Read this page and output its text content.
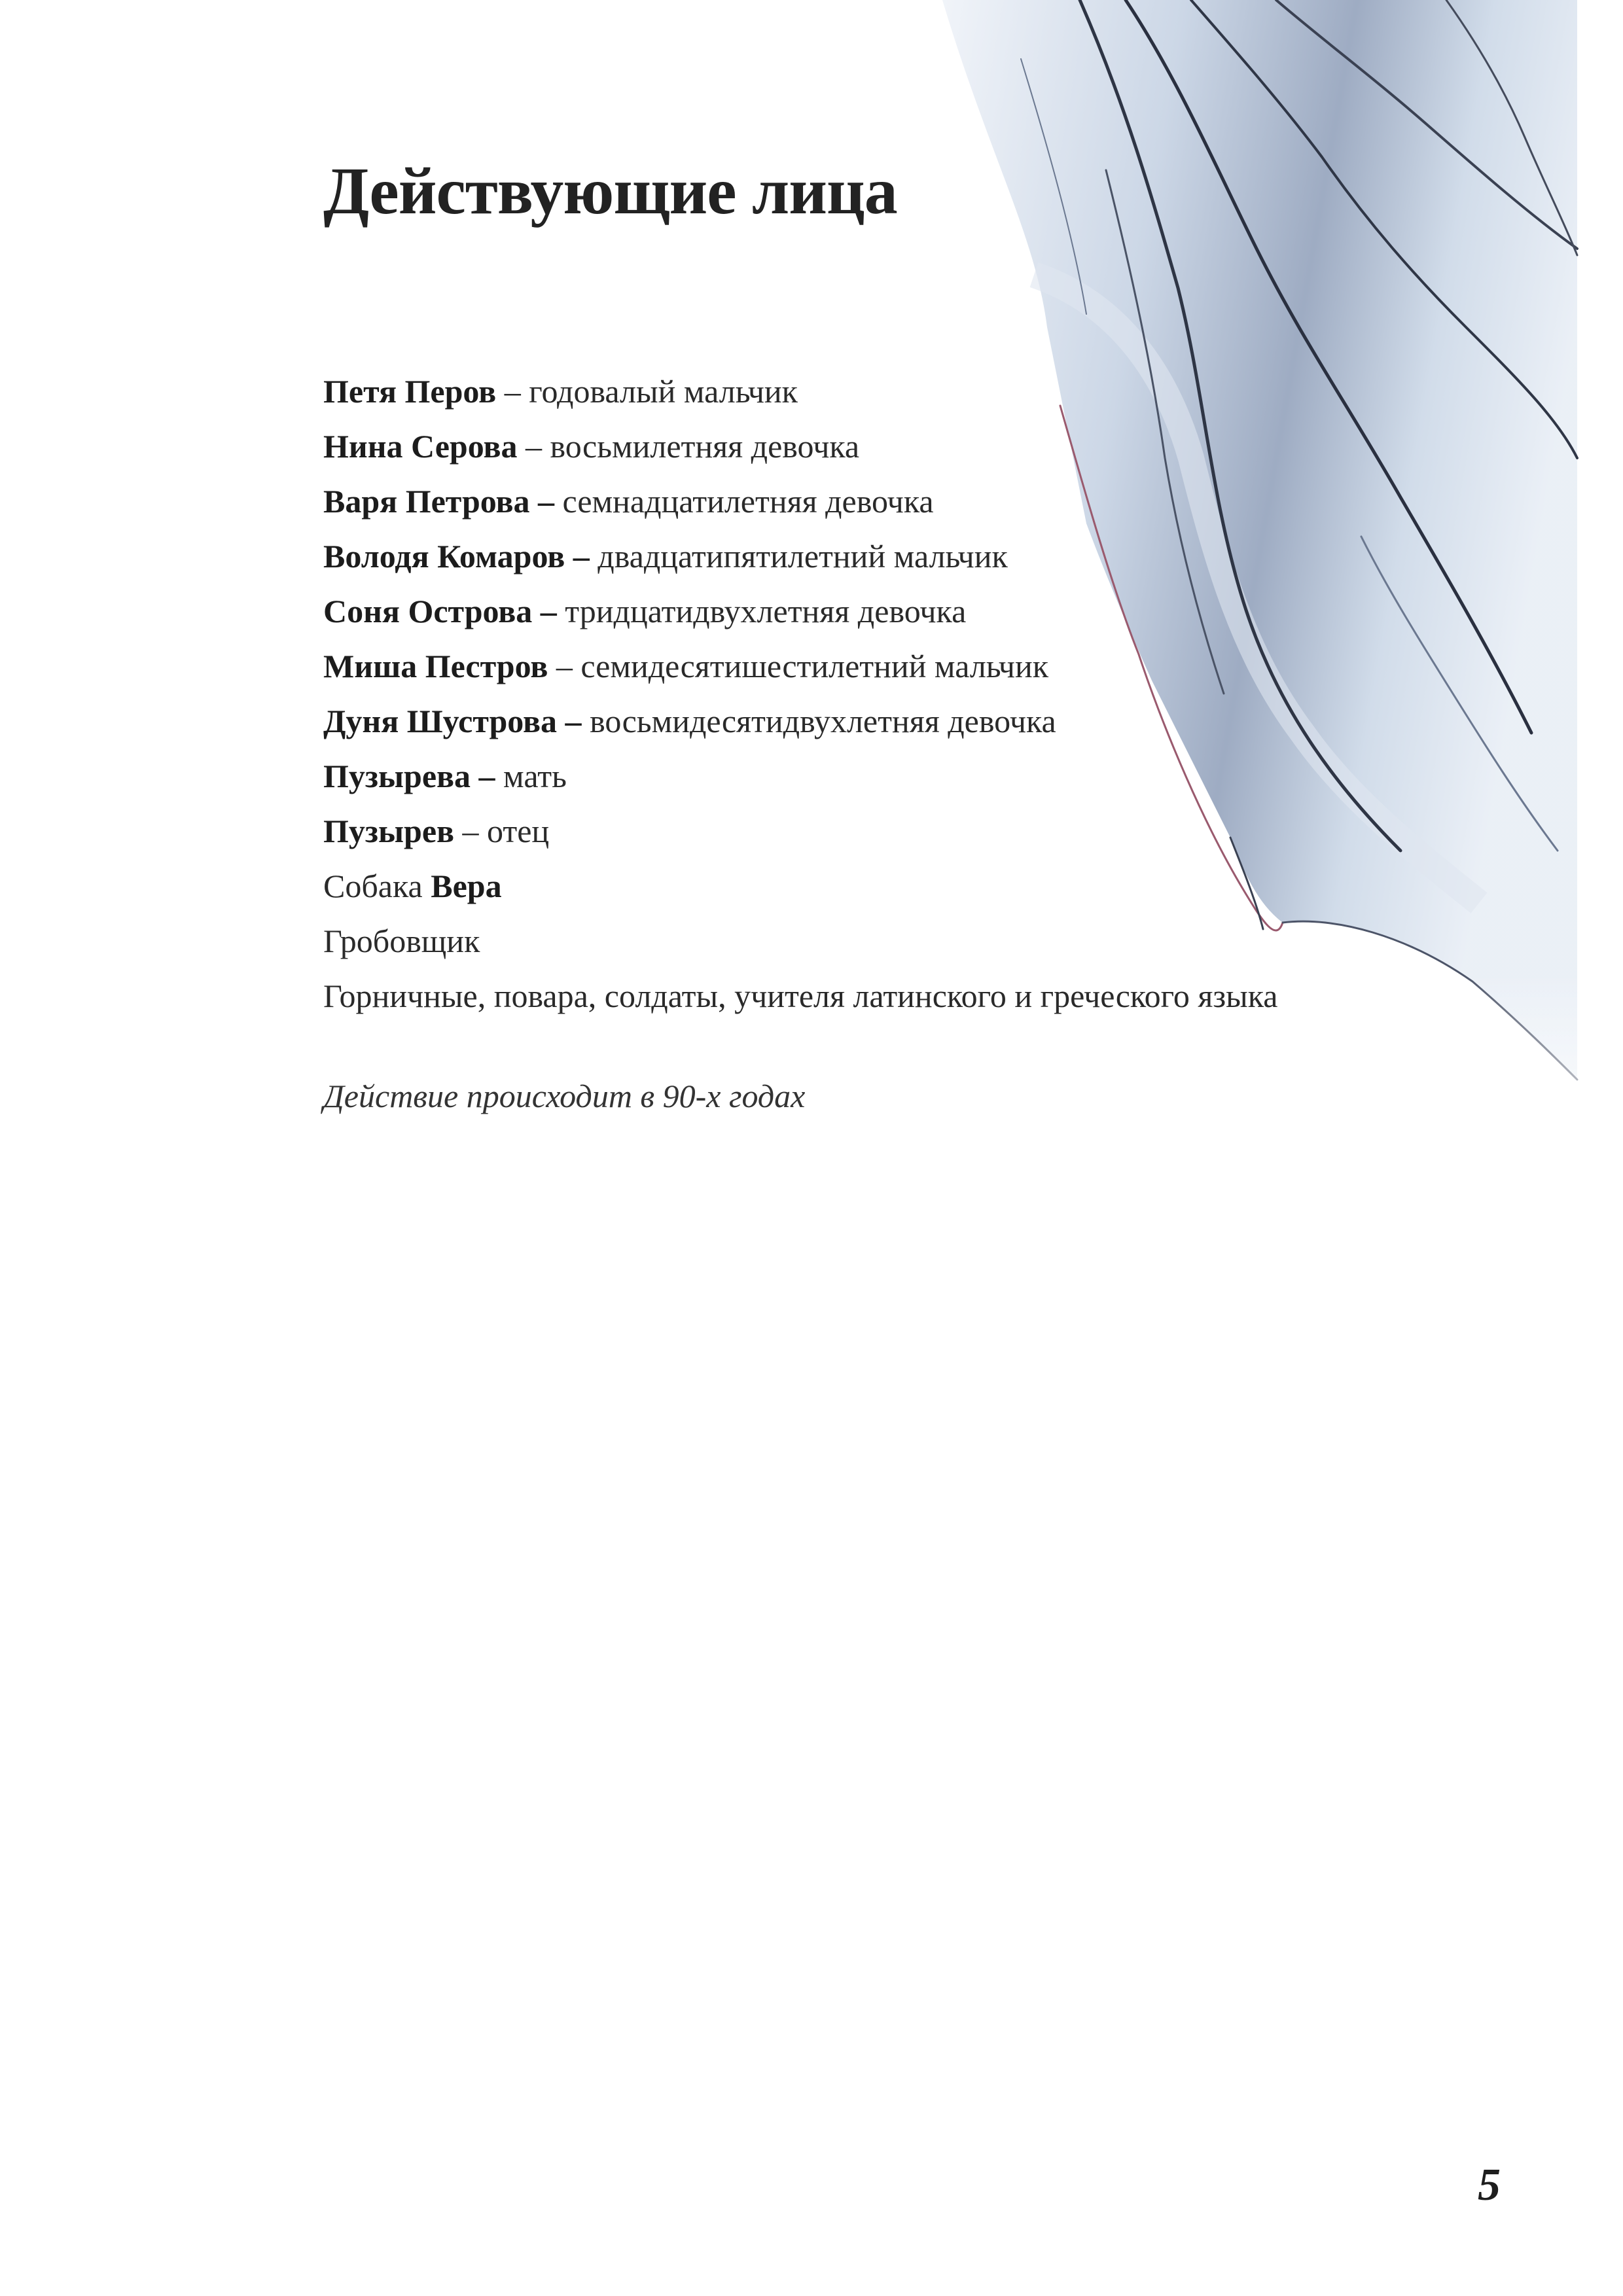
Действующие лица
Петя Перов – годовалый мальчик
Нина Серова – восьмилетняя девочка
Варя Петрова – семнадцатилетняя девочка
Володя Комаров – двадцатипятилетний мальчик
Соня Острова – тридцатидвухлетняя девочка
Миша Пестров – семидесятишестилетний мальчик
Дуня Шустрова – восьмидесятидвухлетняя девочка
Пузырева – мать
Пузырев – отец
Собака Вера
Гробовщик
Горничные, повара, солдаты, учителя латинского и греческого языка

Действие происходит в 90-х годах

5
